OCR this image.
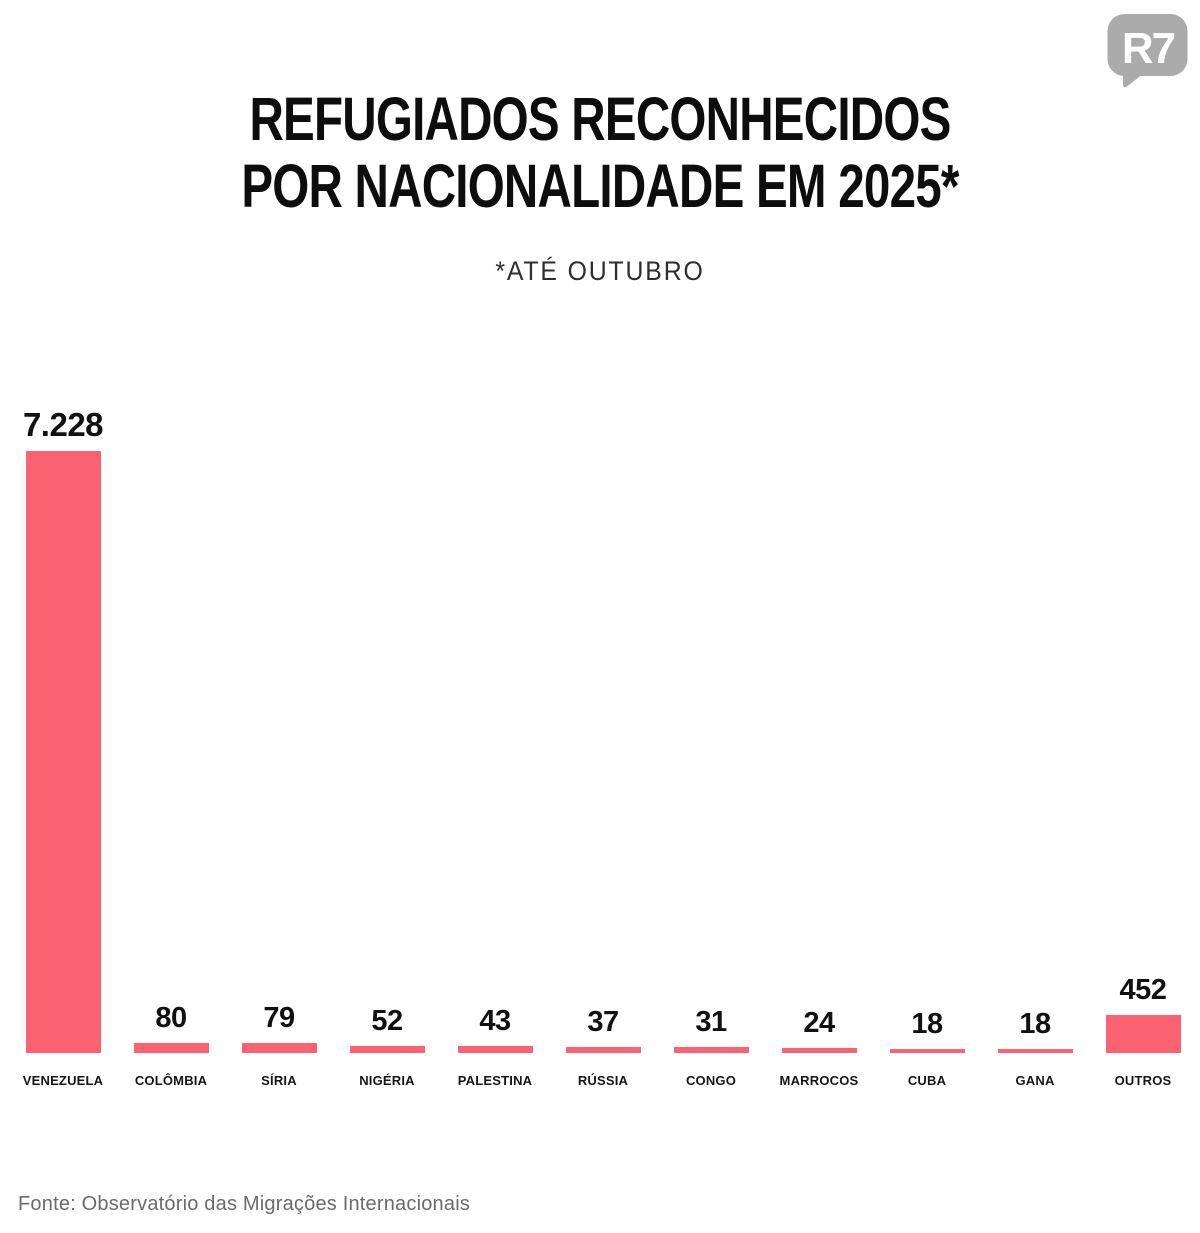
R7
REFUGIADOS RECONHECIDOS
POR NACIONALIDADE EM 2025*
*ATÉ OUTUBRO
7.228
VENEZUELA
80
COLÔMBIA
79
SÍRIA
52
NIGÉRIA
43
PALESTINA
37
RÚSSIA
31
CONGO
24
MARROCOS
18
CUBA
18
GANA
452
OUTROS
Fonte: Observatório das Migrações Internacionais
